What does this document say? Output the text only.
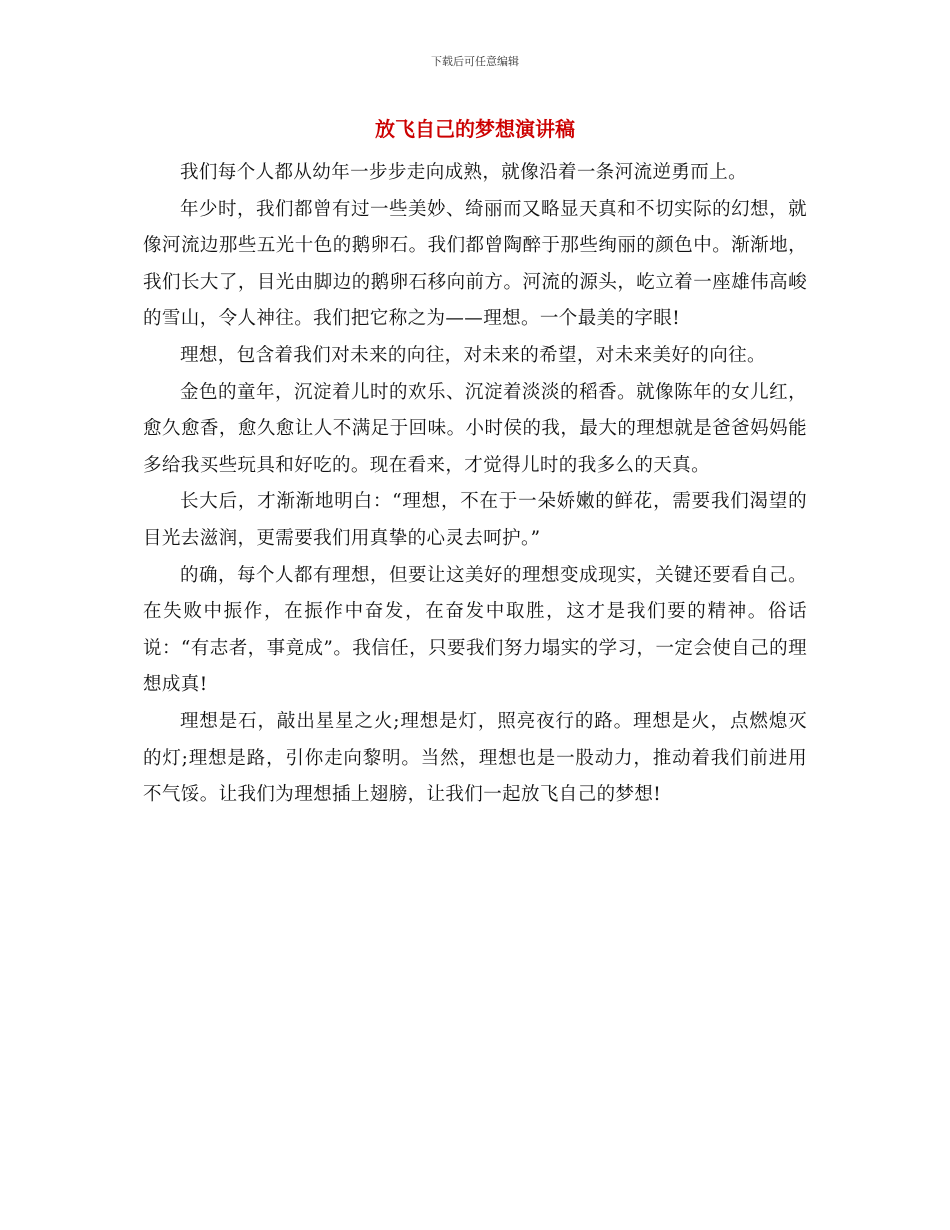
下载后可任意编辑
放飞自己的梦想演讲稿

我们每个人都从幼年一步步走向成熟，就像沿着一条河流逆勇而上。

年少时，我们都曾有过一些美妙、绮丽而又略显天真和不切实际的幻想，就像河流边那些五光十色的鹅卵石。我们都曾陶醉于那些绚丽的颜色中。渐渐地，我们长大了，目光由脚边的鹅卵石移向前方。河流的源头，屹立着一座雄伟高峻的雪山，令人神往。我们把它称之为——理想。一个最美的字眼!

理想，包含着我们对未来的向往，对未来的希望，对未来美好的向往。

金色的童年，沉淀着儿时的欢乐、沉淀着淡淡的稻香。就像陈年的女儿红，愈久愈香，愈久愈让人不满足于回味。小时侯的我，最大的理想就是爸爸妈妈能多给我买些玩具和好吃的。现在看来，才觉得儿时的我多么的天真。

长大后，才渐渐地明白：“理想，不在于一朵娇嫩的鲜花，需要我们渴望的目光去滋润，更需要我们用真挚的心灵去呵护。”

的确，每个人都有理想，但要让这美好的理想变成现实，关键还要看自己。在失败中振作，在振作中奋发，在奋发中取胜，这才是我们要的精神。俗话说：“有志者，事竟成”。我信任，只要我们努力塌实的学习，一定会使自己的理想成真!

理想是石，敲出星星之火;理想是灯，照亮夜行的路。理想是火，点燃熄灭的灯;理想是路，引你走向黎明。当然，理想也是一股动力，推动着我们前进用不气馁。让我们为理想插上翅膀，让我们一起放飞自己的梦想!
